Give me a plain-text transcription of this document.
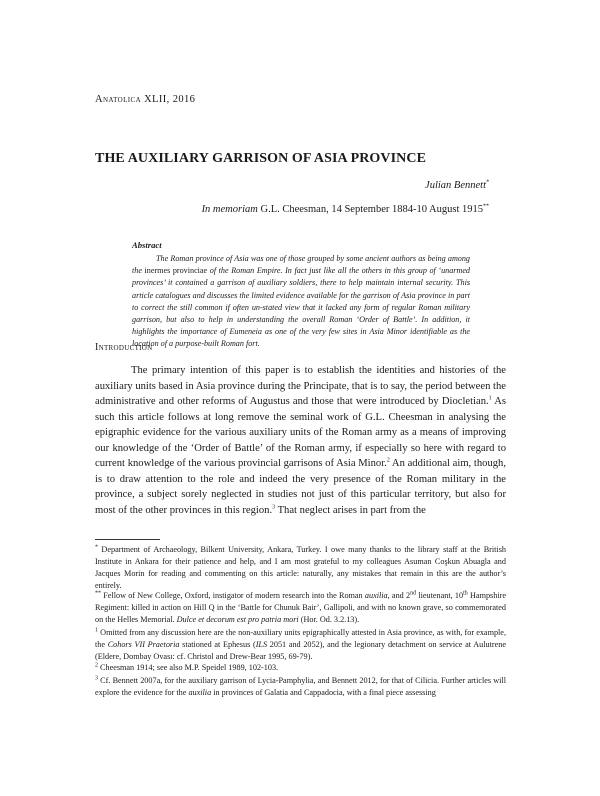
Anatolica XLII, 2016
THE AUXILIARY GARRISON OF ASIA PROVINCE
Julian Bennett*
In memoriam G.L. Cheesman, 14 September 1884-10 August 1915**
Abstract
The Roman province of Asia was one of those grouped by some ancient authors as being among the inermes provinciae of the Roman Empire. In fact just like all the others in this group of ‘unarmed provinces’ it contained a garrison of auxiliary soldiers, there to help maintain internal security. This article catalogues and discusses the limited evidence available for the garrison of Asia province in part to correct the still common if often un-stated view that it lacked any form of regular Roman military garrison, but also to help in understanding the overall Roman ‘Order of Battle’. In addition, it highlights the importance of Eumeneia as one of the very few sites in Asia Minor identifiable as the location of a purpose-built Roman fort.
Introduction
The primary intention of this paper is to establish the identities and histories of the auxiliary units based in Asia province during the Principate, that is to say, the period between the administrative and other reforms of Augustus and those that were introduced by Diocletian.$^1$ As such this article follows at long remove the seminal work of G.L. Cheesman in analysing the epigraphic evidence for the various auxiliary units of the Roman army as a means of improving our knowledge of the ‘Order of Battle’ of the Roman army, if especially so here with regard to current knowledge of the various provincial garrisons of Asia Minor.$^2$ An additional aim, though, is to draw attention to the role and indeed the very presence of the Roman military in the province, a subject sorely neglected in studies not just of this particular territory, but also for most of the other provinces in this region.$^3$ That neglect arises in part from the
* Department of Archaeology, Bilkent University, Ankara, Turkey. I owe many thanks to the library staff at the British Institute in Ankara for their patience and help, and I am most grateful to my colleagues Asuman Coşkun Abuagla and Jacques Morin for reading and commenting on this article: naturally, any mistakes that remain in this are the author’s entirely.
** Fellow of New College, Oxford, instigator of modern research into the Roman auxilia, and 2nd lieutenant, 10th Hampshire Regiment: killed in action on Hill Q in the ‘Battle for Chunuk Bair’, Gallipoli, and with no known grave, so commemorated on the Helles Memorial. Dulce et decorum est pro patria mori (Hor. Od. 3.2.13).
$^1$ Omitted from any discussion here are the non-auxiliary units epigraphically attested in Asia province, as with, for example, the Cohors VII Praetoria stationed at Ephesus (ILS 2051 and 2052), and the legionary detachment on service at Aulutrene (Eldere, Dombay Ovası: cf. Christol and Drew-Bear 1995, 69-79).
$^2$ Cheesman 1914; see also M.P. Speidel 1989, 102-103.
$^3$ Cf. Bennett 2007a, for the auxiliary garrison of Lycia-Pamphylia, and Bennett 2012, for that of Cilicia. Further articles will explore the evidence for the auxilia in provinces of Galatia and Cappadocia, with a final piece assessing
